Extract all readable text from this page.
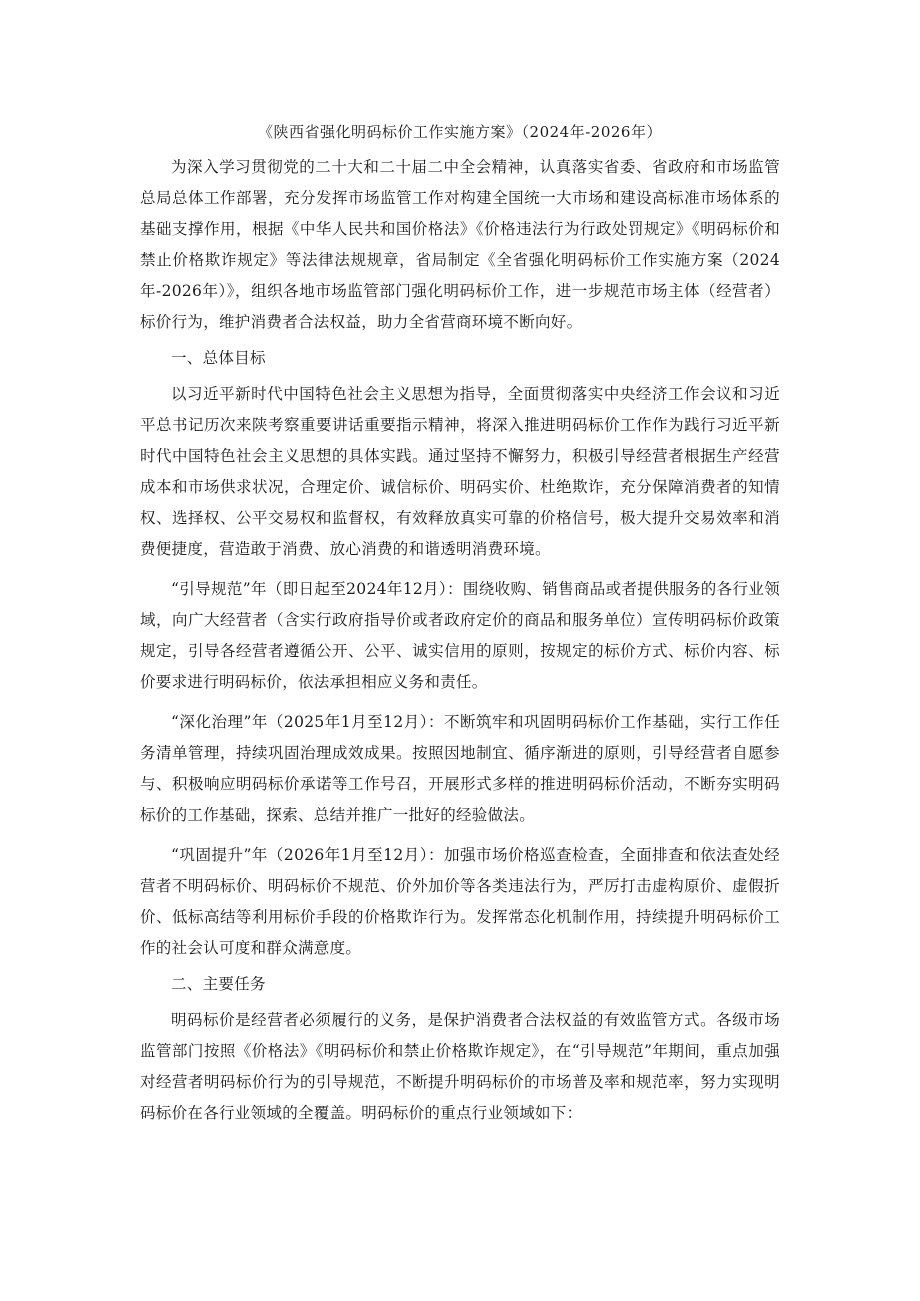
《陕西省强化明码标价工作实施方案》（2024年-2026年）

为深入学习贯彻党的二十大和二十届二中全会精神，认真落实省委、省政府和市场监管总局总体工作部署，充分发挥市场监管工作对构建全国统一大市场和建设高标准市场体系的基础支撑作用，根据《中华人民共和国价格法》《价格违法行为行政处罚规定》《明码标价和禁止价格欺诈规定》等法律法规规章，省局制定《全省强化明码标价工作实施方案（2024年-2026年）》，组织各地市场监管部门强化明码标价工作，进一步规范市场主体（经营者）标价行为，维护消费者合法权益，助力全省营商环境不断向好。

一、总体目标

以习近平新时代中国特色社会主义思想为指导，全面贯彻落实中央经济工作会议和习近平总书记历次来陕考察重要讲话重要指示精神，将深入推进明码标价工作作为践行习近平新时代中国特色社会主义思想的具体实践。通过坚持不懈努力，积极引导经营者根据生产经营成本和市场供求状况，合理定价、诚信标价、明码实价、杜绝欺诈，充分保障消费者的知情权、选择权、公平交易权和监督权，有效释放真实可靠的价格信号，极大提升交易效率和消费便捷度，营造敢于消费、放心消费的和谐透明消费环境。

“引导规范”年（即日起至2024年12月）：围绕收购、销售商品或者提供服务的各行业领域，向广大经营者（含实行政府指导价或者政府定价的商品和服务单位）宣传明码标价政策规定，引导各经营者遵循公开、公平、诚实信用的原则，按规定的标价方式、标价内容、标价要求进行明码标价，依法承担相应义务和责任。

“深化治理”年（2025年1月至12月）：不断筑牢和巩固明码标价工作基础，实行工作任务清单管理，持续巩固治理成效成果。按照因地制宜、循序渐进的原则，引导经营者自愿参与、积极响应明码标价承诺等工作号召，开展形式多样的推进明码标价活动，不断夯实明码标价的工作基础，探索、总结并推广一批好的经验做法。

“巩固提升”年（2026年1月至12月）：加强市场价格巡查检查，全面排查和依法查处经营者不明码标价、明码标价不规范、价外加价等各类违法行为，严厉打击虚构原价、虚假折价、低标高结等利用标价手段的价格欺诈行为。发挥常态化机制作用，持续提升明码标价工作的社会认可度和群众满意度。

二、主要任务

明码标价是经营者必须履行的义务，是保护消费者合法权益的有效监管方式。各级市场监管部门按照《价格法》《明码标价和禁止价格欺诈规定》，在“引导规范”年期间，重点加强对经营者明码标价行为的引导规范，不断提升明码标价的市场普及率和规范率，努力实现明码标价在各行业领域的全覆盖。明码标价的重点行业领域如下：
